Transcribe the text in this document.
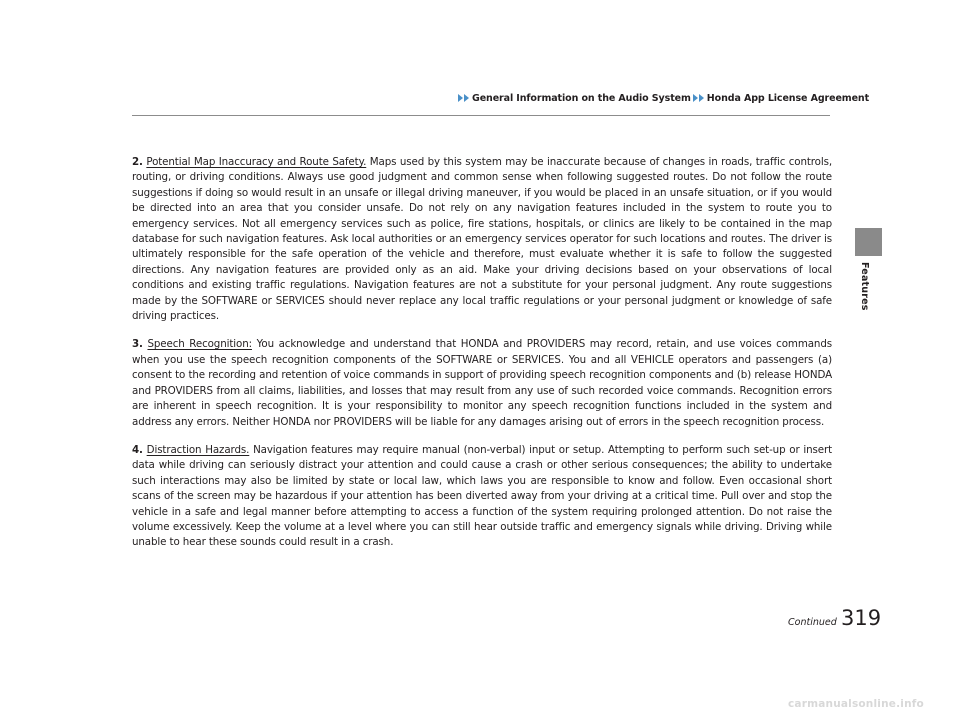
General Information on the Audio System Honda App License Agreement
Features

2. Potential Map Inaccuracy and Route Safety. Maps used by this system may be inaccurate because of changes in roads, traffic controls, routing, or driving conditions. Always use good judgment and common sense when following suggested routes. Do not follow the route suggestions if doing so would result in an unsafe or illegal driving maneuver, if you would be placed in an unsafe situation, or if you would be directed into an area that you consider unsafe. Do not rely on any navigation features included in the system to route you to emergency services. Not all emergency services such as police, fire stations, hospitals, or clinics are likely to be contained in the map database for such navigation features. Ask local authorities or an emergency services operator for such locations and routes. The driver is ultimately responsible for the safe operation of the vehicle and therefore, must evaluate whether it is safe to follow the suggested directions. Any navigation features are provided only as an aid. Make your driving decisions based on your observations of local conditions and existing traffic regulations. Navigation features are not a substitute for your personal judgment. Any route suggestions made by the SOFTWARE or SERVICES should never replace any local traffic regulations or your personal judgment or knowledge of safe driving practices.

3. Speech Recognition: You acknowledge and understand that HONDA and PROVIDERS may record, retain, and use voices commands when you use the speech recognition components of the SOFTWARE or SERVICES. You and all VEHICLE operators and passengers (a) consent to the recording and retention of voice commands in support of providing speech recognition components and (b) release HONDA and PROVIDERS from all claims, liabilities, and losses that may result from any use of such recorded voice commands. Recognition errors are inherent in speech recognition. It is your responsibility to monitor any speech recognition functions included in the system and address any errors. Neither HONDA nor PROVIDERS will be liable for any damages arising out of errors in the speech recognition process.

4. Distraction Hazards. Navigation features may require manual (non-verbal) input or setup. Attempting to perform such set-up or insert data while driving can seriously distract your attention and could cause a crash or other serious consequences; the ability to undertake such interactions may also be limited by state or local law, which laws you are responsible to know and follow. Even occasional short scans of the screen may be hazardous if your attention has been diverted away from your driving at a critical time. Pull over and stop the vehicle in a safe and legal manner before attempting to access a function of the system requiring prolonged attention. Do not raise the volume excessively. Keep the volume at a level where you can still hear outside traffic and emergency signals while driving. Driving while unable to hear these sounds could result in a crash.

Continued 319
carmanualsonline.info
